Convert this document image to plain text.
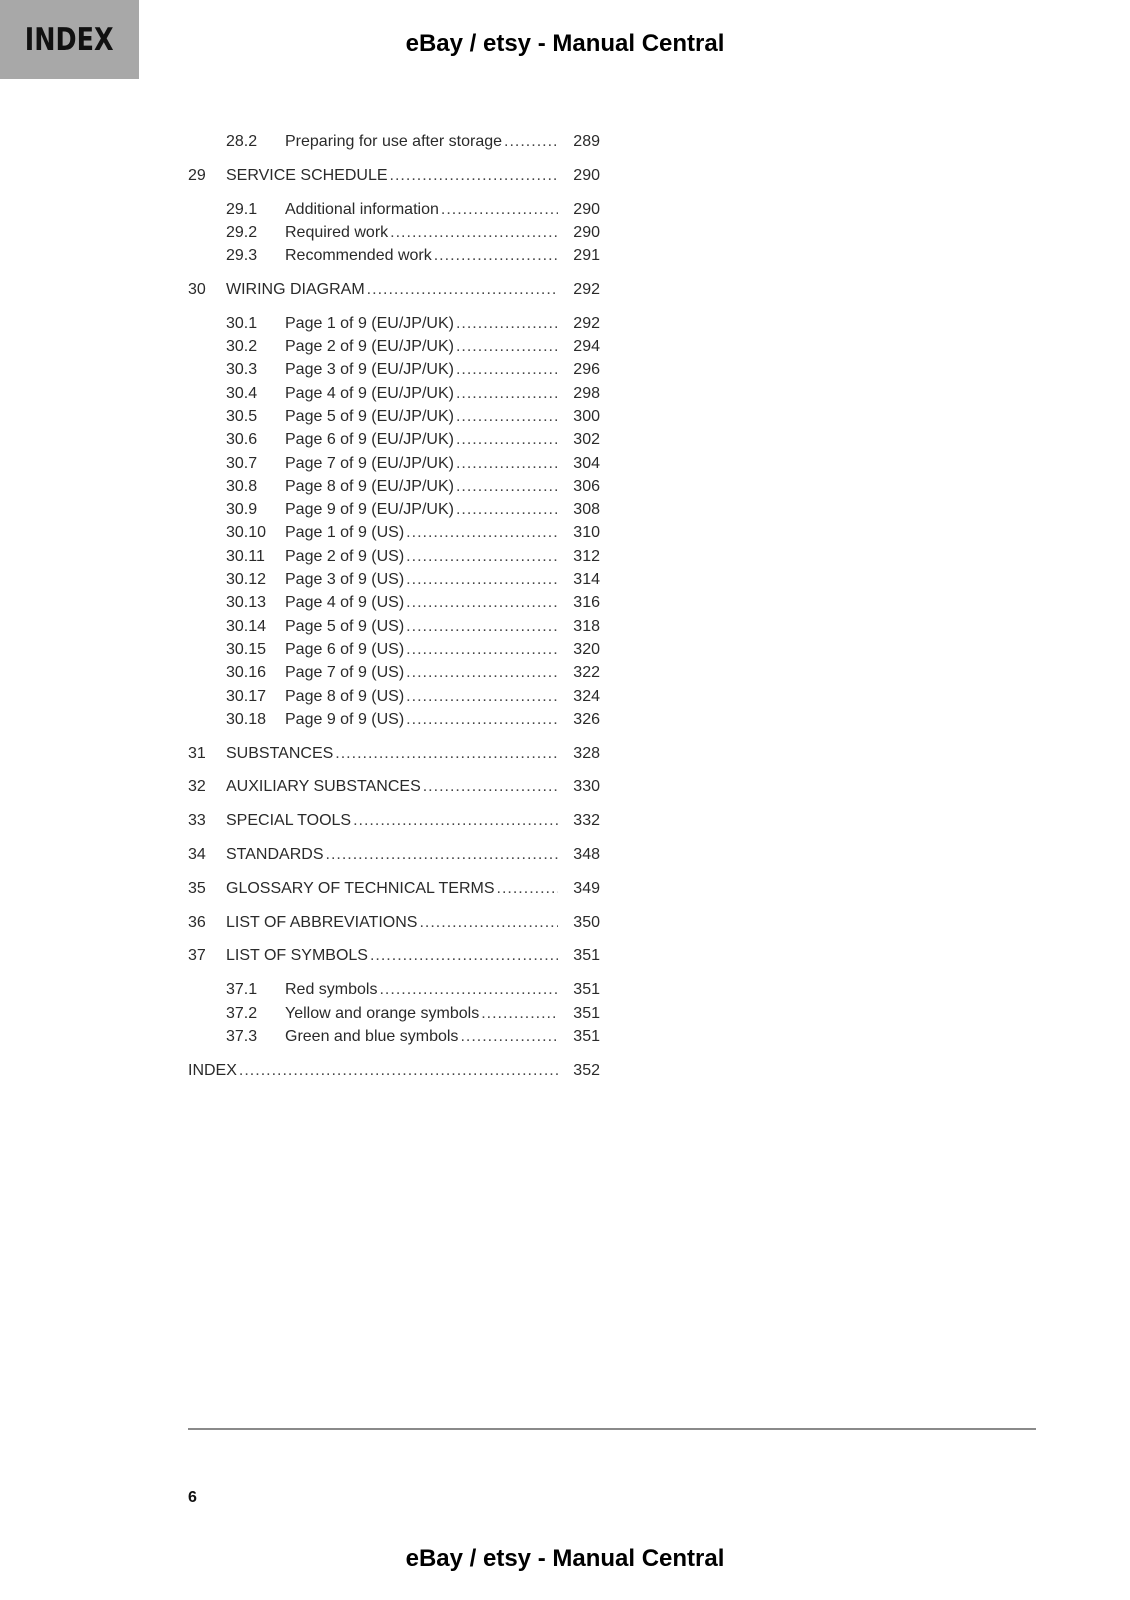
INDEX	eBay / etsy - Manual Central
28.2	Preparing for use after storage .....	289
29	SERVICE SCHEDULE .....	290
29.1	Additional information .....	290
29.2	Required work .....	290
29.3	Recommended work .....	291
30	WIRING DIAGRAM .....	292
30.1	Page 1 of 9 (EU/JP/UK) .....	292
30.2	Page 2 of 9 (EU/JP/UK) .....	294
30.3	Page 3 of 9 (EU/JP/UK) .....	296
30.4	Page 4 of 9 (EU/JP/UK) .....	298
30.5	Page 5 of 9 (EU/JP/UK) .....	300
30.6	Page 6 of 9 (EU/JP/UK) .....	302
30.7	Page 7 of 9 (EU/JP/UK) .....	304
30.8	Page 8 of 9 (EU/JP/UK) .....	306
30.9	Page 9 of 9 (EU/JP/UK) .....	308
30.10	Page 1 of 9 (US) .....	310
30.11	Page 2 of 9 (US) .....	312
30.12	Page 3 of 9 (US) .....	314
30.13	Page 4 of 9 (US) .....	316
30.14	Page 5 of 9 (US) .....	318
30.15	Page 6 of 9 (US) .....	320
30.16	Page 7 of 9 (US) .....	322
30.17	Page 8 of 9 (US) .....	324
30.18	Page 9 of 9 (US) .....	326
31	SUBSTANCES .....	328
32	AUXILIARY SUBSTANCES .....	330
33	SPECIAL TOOLS .....	332
34	STANDARDS .....	348
35	GLOSSARY OF TECHNICAL TERMS .....	349
36	LIST OF ABBREVIATIONS .....	350
37	LIST OF SYMBOLS .....	351
37.1	Red symbols .....	351
37.2	Yellow and orange symbols .....	351
37.3	Green and blue symbols .....	351
INDEX .....	352
6
eBay / etsy - Manual Central
